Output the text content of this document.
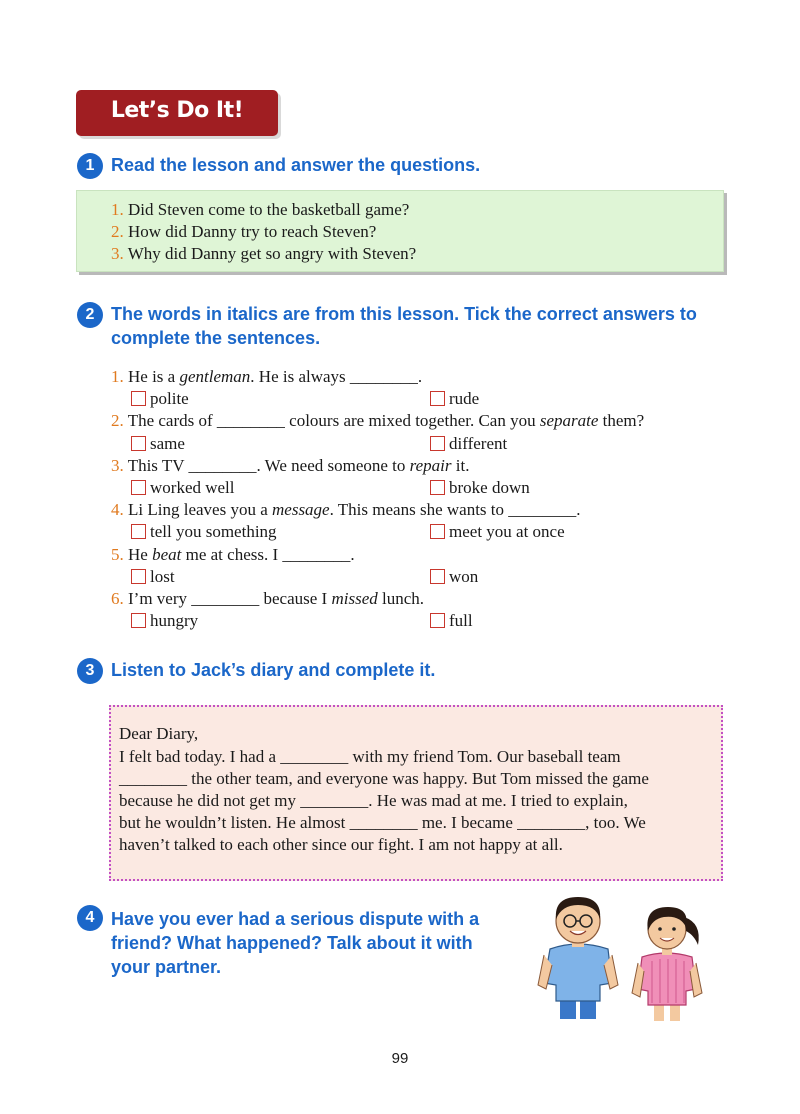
Let’s Do It!
1 Read the lesson and answer the questions.
1. Did Steven come to the basketball game?
2. How did Danny try to reach Steven?
3. Why did Danny get so angry with Steven?
2 The words in italics are from this lesson. Tick the correct answers to
complete the sentences.
1. He is a gentleman. He is always ________.
polite	rude
2. The cards of ________ colours are mixed together. Can you separate them?
same	different
3. This TV ________. We need someone to repair it.
worked well	broke down
4. Li Ling leaves you a message. This means she wants to ________.
tell you something	meet you at once
5. He beat me at chess. I ________.
lost	won
6. I’m very ________ because I missed lunch.
hungry	full
3 Listen to Jack’s diary and complete it.
Dear Diary,
I felt bad today. I had a ________ with my friend Tom. Our baseball team
________ the other team, and everyone was happy. But Tom missed the game
because he did not get my ________. He was mad at me. I tried to explain,
but he wouldn’t listen. He almost ________ me. I became ________, too. We
haven’t talked to each other since our fight. I am not happy at all.
4 Have you ever had a serious dispute with a
friend? What happened? Talk about it with
your partner.
99
